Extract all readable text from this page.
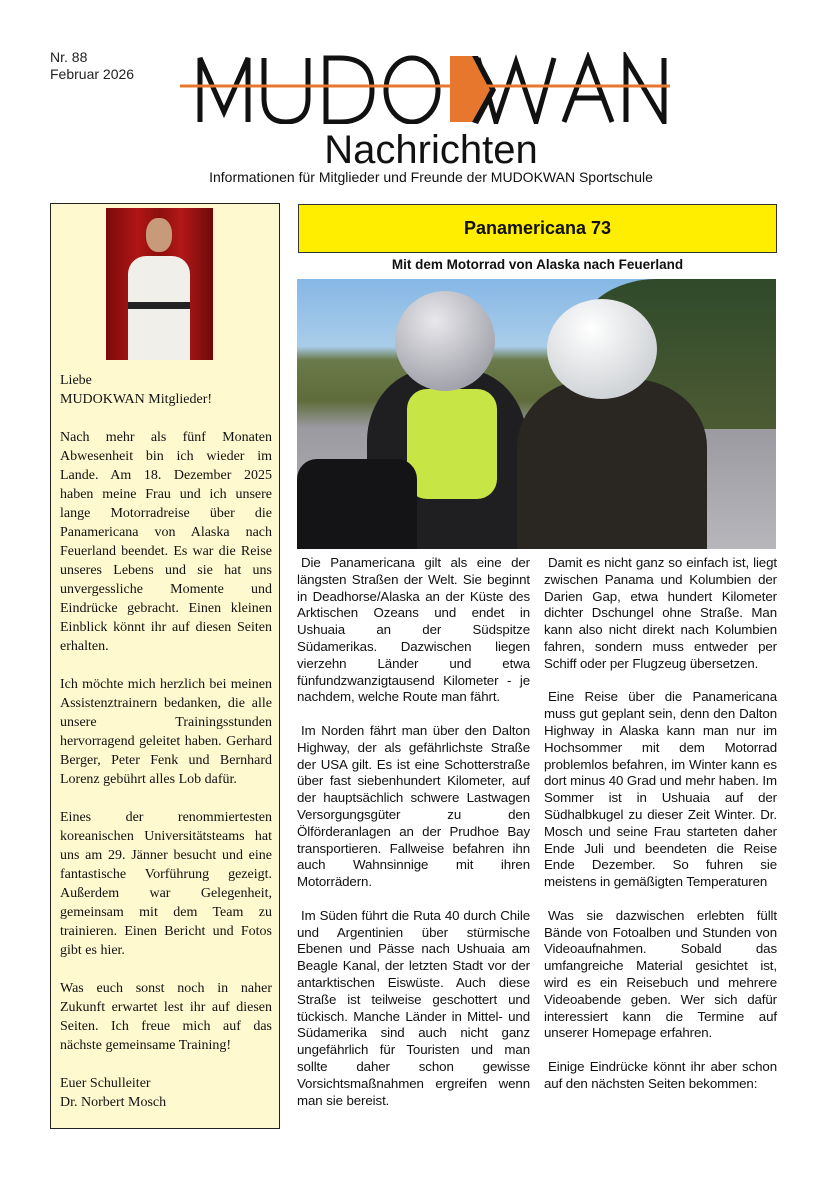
Nr. 88
Februar 2026
Nachrichten
Informationen für Mitglieder und Freunde der MUDOKWAN Sportschule

Liebe
MUDOKWAN Mitglieder!

Nach mehr als fünf Monaten Abwesenheit bin ich wieder im Lande. Am 18. Dezember 2025 haben meine Frau und ich unsere lange Motorradreise über die Panamericana von Alaska nach Feuerland beendet. Es war die Reise unseres Lebens und sie hat uns unvergessliche Momente und Eindrücke gebracht. Einen kleinen Einblick könnt ihr auf diesen Seiten erhalten.

Ich möchte mich herzlich bei meinen Assistenztrainern bedanken, die alle unsere Trainingsstunden hervorragend geleitet haben. Gerhard Berger, Peter Fenk und Bernhard Lorenz gebührt alles Lob dafür.

Eines der renommiertesten koreanischen Universitätsteams hat uns am 29. Jänner besucht und eine fantastische Vorführung gezeigt. Außerdem war Gelegenheit, gemeinsam mit dem Team zu trainieren. Einen Bericht und Fotos gibt es hier.

Was euch sonst noch in naher Zukunft erwartet lest ihr auf diesen Seiten. Ich freue mich auf das nächste gemeinsame Training!

Euer Schulleiter
Dr. Norbert Mosch

Panamericana 73
Mit dem Motorrad von Alaska nach Feuerland

Die Panamericana gilt als eine der längsten Straßen der Welt. Sie beginnt in Deadhorse/Alaska an der Küste des Arktischen Ozeans und endet in Ushuaia an der Südspitze Südamerikas. Dazwischen liegen vierzehn Länder und etwa fünfundzwanzigtausend Kilometer - je nachdem, welche Route man fährt.

Im Norden fährt man über den Dalton Highway, der als gefährlichste Straße der USA gilt. Es ist eine Schotterstraße über fast siebenhundert Kilometer, auf der hauptsächlich schwere Lastwagen Versorgungsgüter zu den Ölförderanlagen an der Prudhoe Bay transportieren. Fallweise befahren ihn auch Wahnsinnige mit ihren Motorrädern.

Im Süden führt die Ruta 40 durch Chile und Argentinien über stürmische Ebenen und Pässe nach Ushuaia am Beagle Kanal, der letzten Stadt vor der antarktischen Eiswüste. Auch diese Straße ist teilweise geschottert und tückisch. Manche Länder in Mittel- und Südamerika sind auch nicht ganz ungefährlich für Touristen und man sollte daher schon gewisse Vorsichtsmaßnahmen ergreifen wenn man sie bereist.

Damit es nicht ganz so einfach ist, liegt zwischen Panama und Kolumbien der Darien Gap, etwa hundert Kilometer dichter Dschungel ohne Straße. Man kann also nicht direkt nach Kolumbien fahren, sondern muss entweder per Schiff oder per Flugzeug übersetzen.

Eine Reise über die Panamericana muss gut geplant sein, denn den Dalton Highway in Alaska kann man nur im Hochsommer mit dem Motorrad problemlos befahren, im Winter kann es dort minus 40 Grad und mehr haben. Im Sommer ist in Ushuaia auf der Südhalbkugel zu dieser Zeit Winter. Dr. Mosch und seine Frau starteten daher Ende Juli und beendeten die Reise Ende Dezember. So fuhren sie meistens in gemäßigten Temperaturen

Was sie dazwischen erlebten füllt Bände von Fotoalben und Stunden von Videoaufnahmen. Sobald das umfangreiche Material gesichtet ist, wird es ein Reisebuch und mehrere Videoabende geben. Wer sich dafür interessiert kann die Termine auf unserer Homepage erfahren.

Einige Eindrücke könnt ihr aber schon auf den nächsten Seiten bekommen:
